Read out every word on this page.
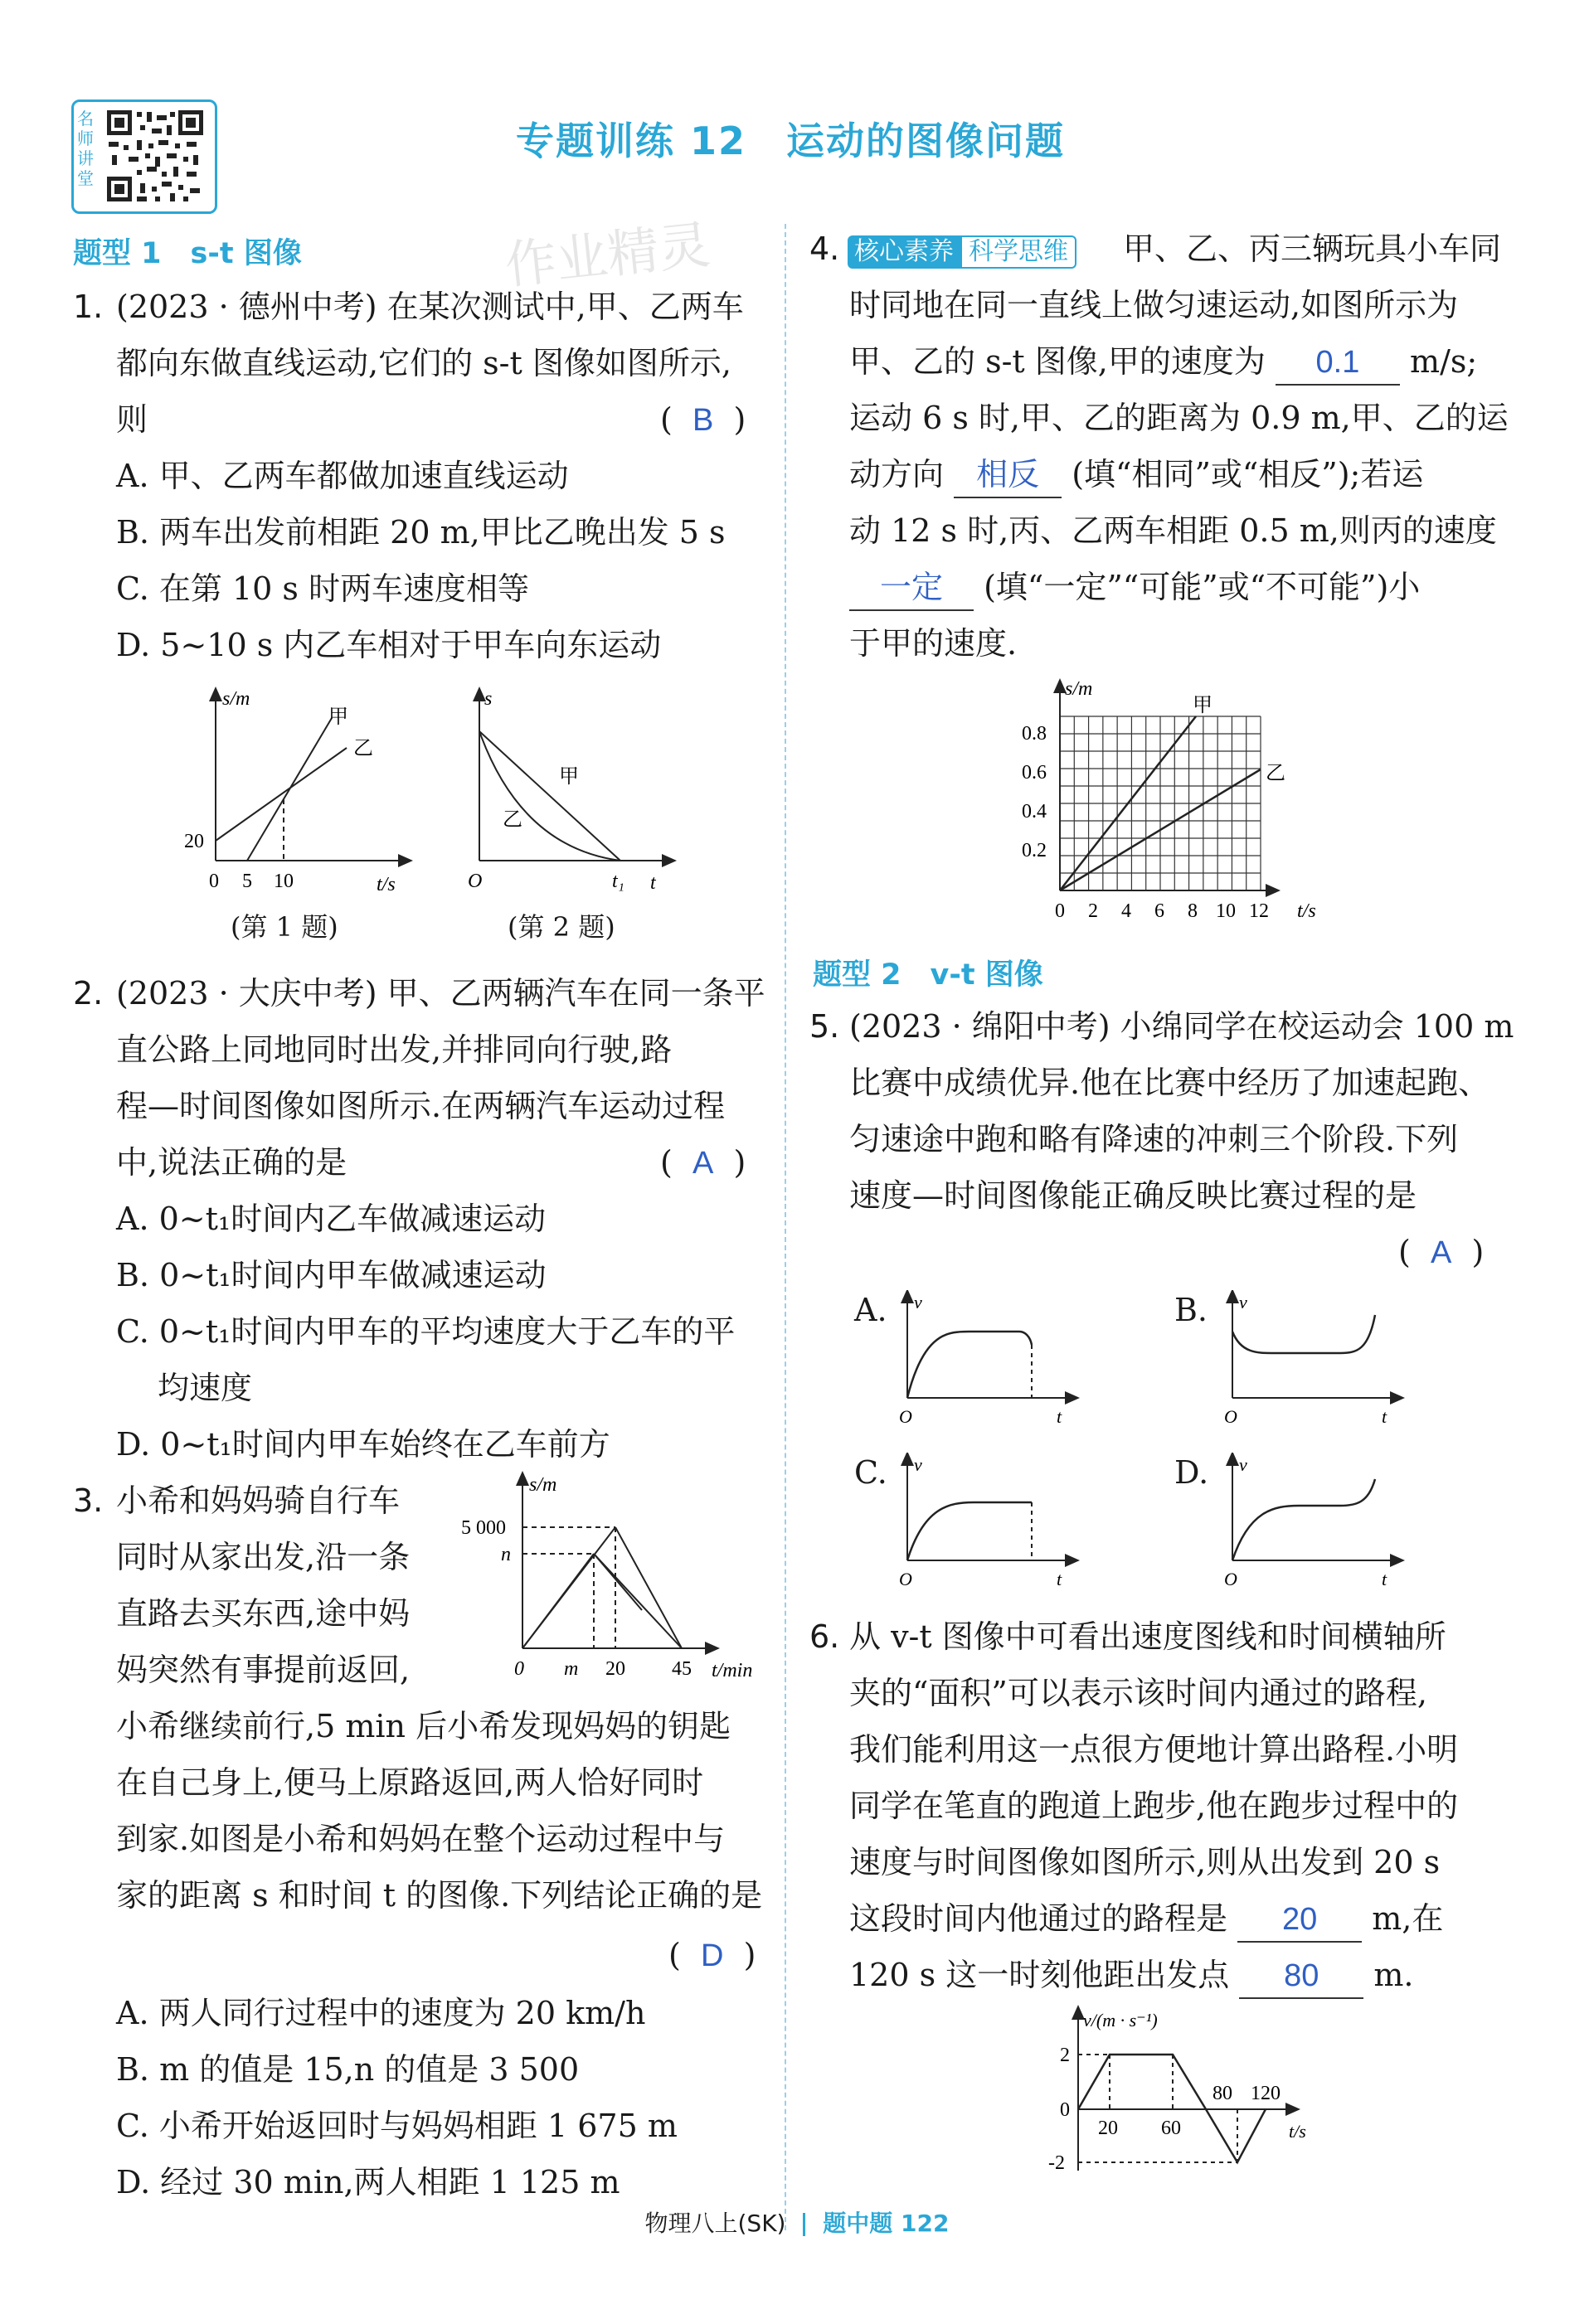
名师讲堂
专题训练 12　运动的图像问题
题型 1　s-t 图像	作业精灵
1. (2023 · 德州中考) 在某次测试中,甲、乙两车
都向东做直线运动,它们的 s-t 图像如图所示,
则	(  B  )
A. 甲、乙两车都做加速直线运动
B. 两车出发前相距 20 m,甲比乙晚出发 5 s
C. 在第 10 s 时两车速度相等
D. 5~10 s 内乙车相对于甲车向东运动
s/m
t/s
20
0 5 10
甲
乙
(第 1 题)
s
t
O	t₁
甲
乙
(第 2 题)
2. (2023 · 大庆中考) 甲、乙两辆汽车在同一条平
直公路上同地同时出发,并排同向行驶,路
程—时间图像如图所示.在两辆汽车运动过程
中,说法正确的是	(  A  )
A. 0~t₁时间内乙车做减速运动
B. 0~t₁时间内甲车做减速运动
C. 0~t₁时间内甲车的平均速度大于乙车的平
均速度
D. 0~t₁时间内甲车始终在乙车前方
3. 小希和妈妈骑自行车
同时从家出发,沿一条
直路去买东西,途中妈
妈突然有事提前返回,
小希继续前行,5 min 后小希发现妈妈的钥匙
在自己身上,便马上原路返回,两人恰好同时
到家.如图是小希和妈妈在整个运动过程中与
家的距离 s 和时间 t 的图像.下列结论正确的是
(  D  )
A. 两人同行过程中的速度为 20 km/h
B. m 的值是 15,n 的值是 3 500
C. 小希开始返回时与妈妈相距 1 675 m
D. 经过 30 min,两人相距 1 125 m
s/m
t/min
5 000
n
0 m 20 45
4. 核心素养 科学思维 甲、乙、丙三辆玩具小车同
时同地在同一直线上做匀速运动,如图所示为
甲、乙的 s-t 图像,甲的速度为 0.1 m/s;
运动 6 s 时,甲、乙的距离为 0.9 m,甲、乙的运
动方向 相反 (填“相同”或“相反”);若运
动 12 s 时,丙、乙两车相距 0.5 m,则丙的速度
一定 (填“一定”“可能”或“不可能”)小
于甲的速度.
s/m
t/s
0.8
0.6
0.4
0.2
0 2 4 6 8 10 12
甲
乙
题型 2　v-t 图像
5. (2023 · 绵阳中考) 小绵同学在校运动会 100 m
比赛中成绩优异.他在比赛中经历了加速起跑、
匀速途中跑和略有降速的冲刺三个阶段.下列
速度—时间图像能正确反映比赛过程的是
(  A  )
A. v
O	t
B. v
O	t
C. v
O	t
D. v
O	t
6. 从 v-t 图像中可看出速度图线和时间横轴所
夹的“面积”可以表示该时间内通过的路程,
我们能利用这一点很方便地计算出路程.小明
同学在笔直的跑道上跑步,他在跑步过程中的
速度与时间图像如图所示,则从出发到 20 s
这段时间内他通过的路程是 20 m,在
120 s 这一时刻他距出发点 80 m.
v/(m · s⁻¹)
t/s
2
0
-2
20 60
80 120
物理八上(SK) 题中题 122
